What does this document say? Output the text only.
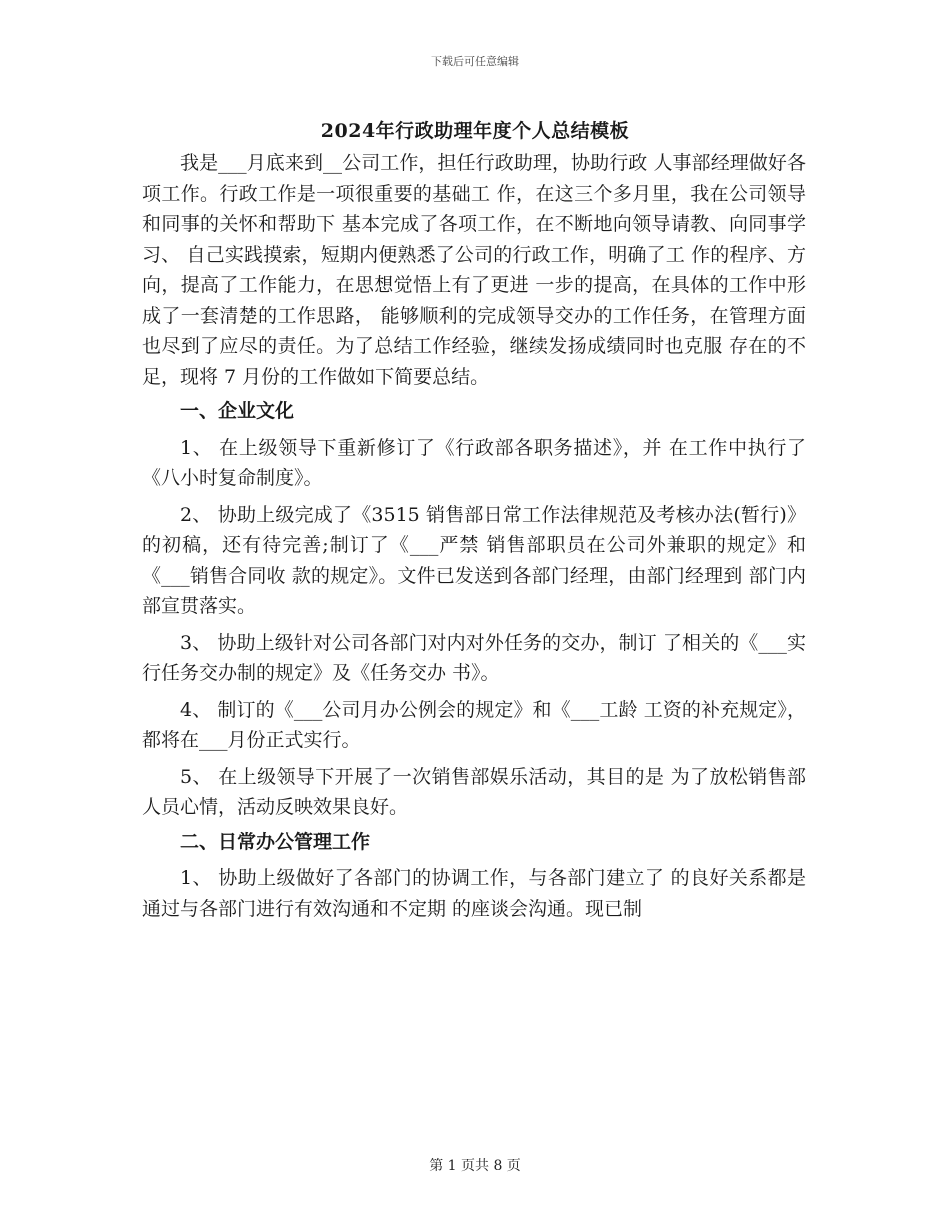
下载后可任意编辑
2024年行政助理年度个人总结模板

我是___月底来到__公司工作，担任行政助理，协助行政 人事部经理做好各项工作。行政工作是一项很重要的基础工 作，在这三个多月里，我在公司领导和同事的关怀和帮助下 基本完成了各项工作，在不断地向领导请教、向同事学习、 自己实践摸索，短期内便熟悉了公司的行政工作，明确了工 作的程序、方向，提高了工作能力，在思想觉悟上有了更进 一步的提高，在具体的工作中形成了一套清楚的工作思路， 能够顺利的完成领导交办的工作任务，在管理方面也尽到了应尽的责任。为了总结工作经验，继续发扬成绩同时也克服 存在的不足，现将 7 月份的工作做如下简要总结。

一、企业文化

1、 在上级领导下重新修订了《行政部各职务描述》，并 在工作中执行了《八小时复命制度》。

2、 协助上级完成了《3515 销售部日常工作法律规范及考核办法(暂行)》的初稿，还有待完善;制订了《___严禁 销售部职员在公司外兼职的规定》和《___销售合同收 款的规定》。文件已发送到各部门经理，由部门经理到 部门内部宣贯落实。

3、 协助上级针对公司各部门对内对外任务的交办，制订 了相关的《___实行任务交办制的规定》及《任务交办 书》。

4、 制订的《___公司月办公例会的规定》和《___工龄 工资的补充规定》，都将在___月份正式实行。

5、 在上级领导下开展了一次销售部娱乐活动，其目的是 为了放松销售部人员心情，活动反映效果良好。

二、日常办公管理工作

1、 协助上级做好了各部门的协调工作，与各部门建立了 的良好关系都是通过与各部门进行有效沟通和不定期 的座谈会沟通。现已制

第 1 页共 8 页
